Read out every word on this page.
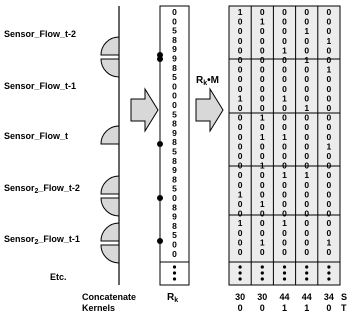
Sensor_Flow_t-2
Sensor_Flow_t-1
Sensor_Flow_t
Sensor$_2$_Flow_t-2
Sensor$_2$_Flow_t-1
Etc.
$R_k•M$
0
0
5
8
9
9
8
5
0
0
0
5
8
9
8
5
8
9
8
5
0
8
9
8
5
0
0
1 0 0 0 0
0 1 0 0 0
0 0 0 1 0
0 0 0 0 1
0 0 1 0 0
0 0 0 1 0
0 0 0 0 1
0 0 0 0 0
0 0 0 0 0
1 0 1 0 0
0 0 0 1 0
0 1 0 0 0
0 0 0 0 0
0 1 1 0 0
0 0 0 0 1
0 0 0 0 0
0 1 0 0 0
0 0 1 1 0
0 0 0 0 0
1 0 0 0 0
0 1 0 0 0
0 0 0 0 0
1 0 1 0 0
0 0 0 0 0
0 1 0 0 1
0 0 0 0 0
Concatenate
Kernels
$R_k$	S
T
30 30 44 44 34
0 0 1 1 0
